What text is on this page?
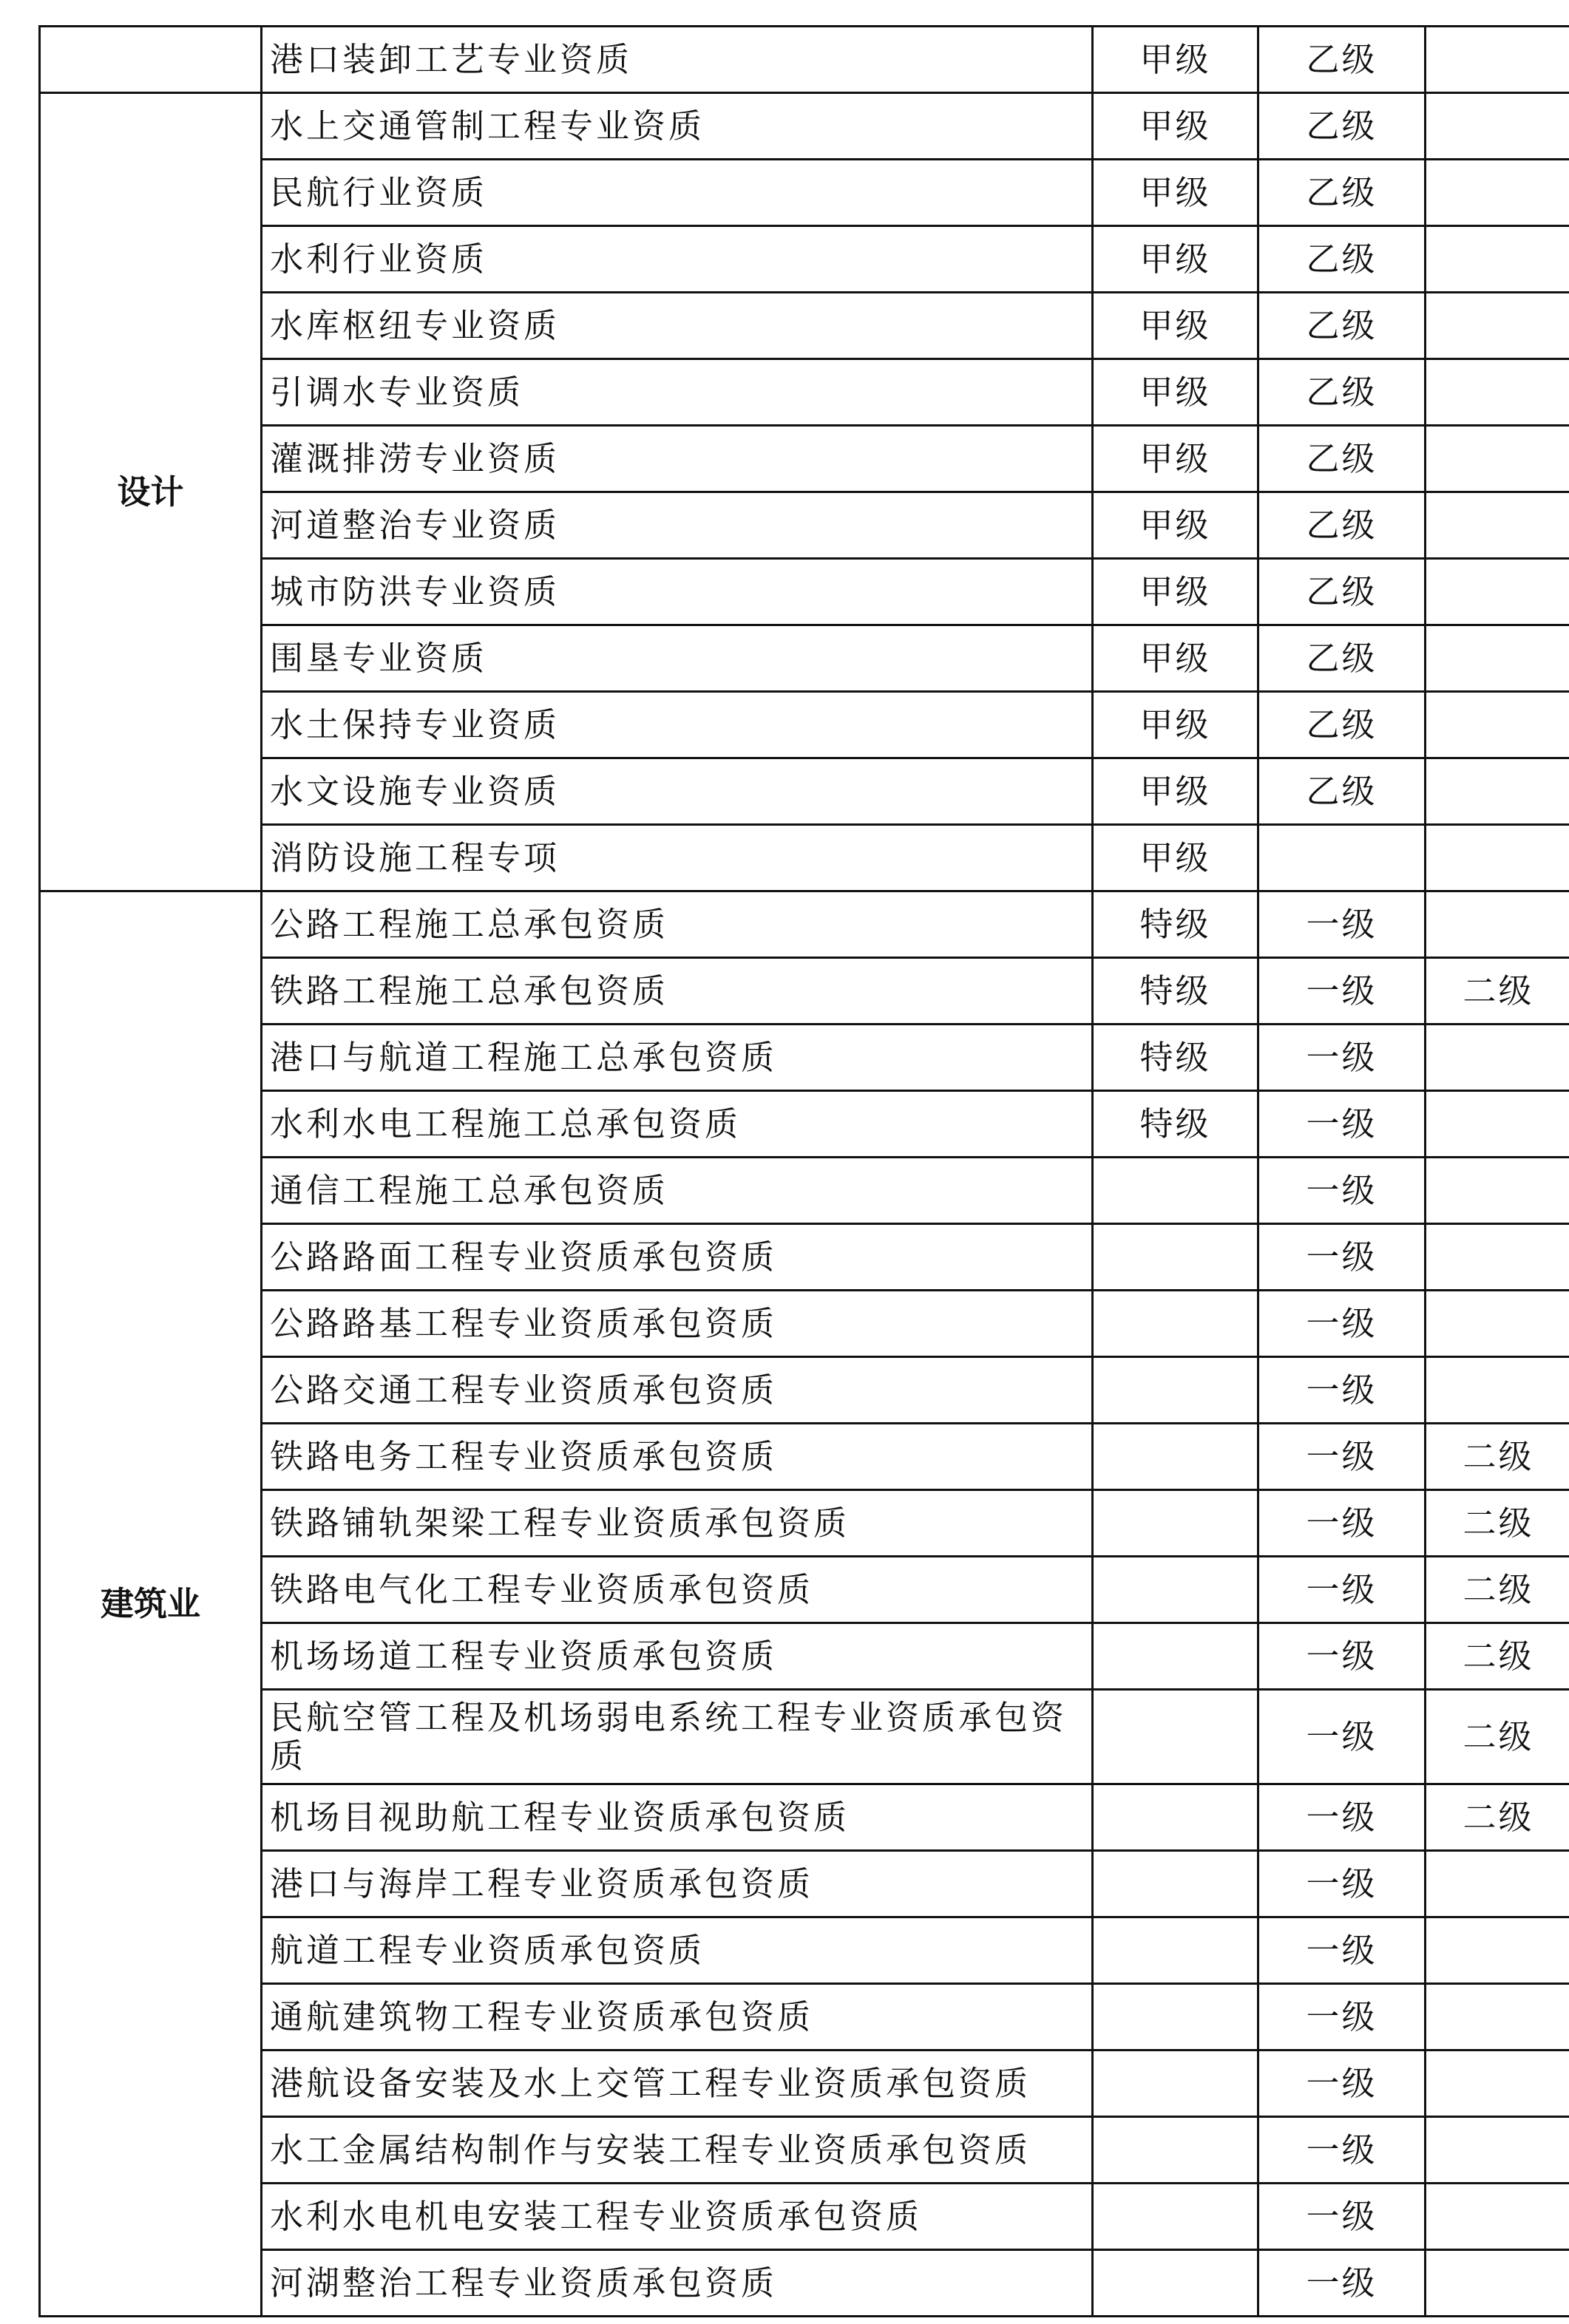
	港口装卸工艺专业资质	甲级	乙级	
设计	水上交通管制工程专业资质	甲级	乙级	
	民航行业资质	甲级	乙级	
	水利行业资质	甲级	乙级	
	水库枢纽专业资质	甲级	乙级	
	引调水专业资质	甲级	乙级	
	灌溉排涝专业资质	甲级	乙级	
	河道整治专业资质	甲级	乙级	
	城市防洪专业资质	甲级	乙级	
	围垦专业资质	甲级	乙级	
	水土保持专业资质	甲级	乙级	
	水文设施专业资质	甲级	乙级	
	消防设施工程专项	甲级		
建筑业	公路工程施工总承包资质	特级	一级	
	铁路工程施工总承包资质	特级	一级	二级
	港口与航道工程施工总承包资质	特级	一级	
	水利水电工程施工总承包资质	特级	一级	
	通信工程施工总承包资质		一级	
	公路路面工程专业资质承包资质		一级	
	公路路基工程专业资质承包资质		一级	
	公路交通工程专业资质承包资质		一级	
	铁路电务工程专业资质承包资质		一级	二级
	铁路铺轨架梁工程专业资质承包资质		一级	二级
	铁路电气化工程专业资质承包资质		一级	二级
	机场场道工程专业资质承包资质		一级	二级
	民航空管工程及机场弱电系统工程专业资质承包资质		一级	二级
	机场目视助航工程专业资质承包资质		一级	二级
	港口与海岸工程专业资质承包资质		一级	
	航道工程专业资质承包资质		一级	
	通航建筑物工程专业资质承包资质		一级	
	港航设备安装及水上交管工程专业资质承包资质		一级	
	水工金属结构制作与安装工程专业资质承包资质		一级	
	水利水电机电安装工程专业资质承包资质		一级	
	河湖整治工程专业资质承包资质		一级	
